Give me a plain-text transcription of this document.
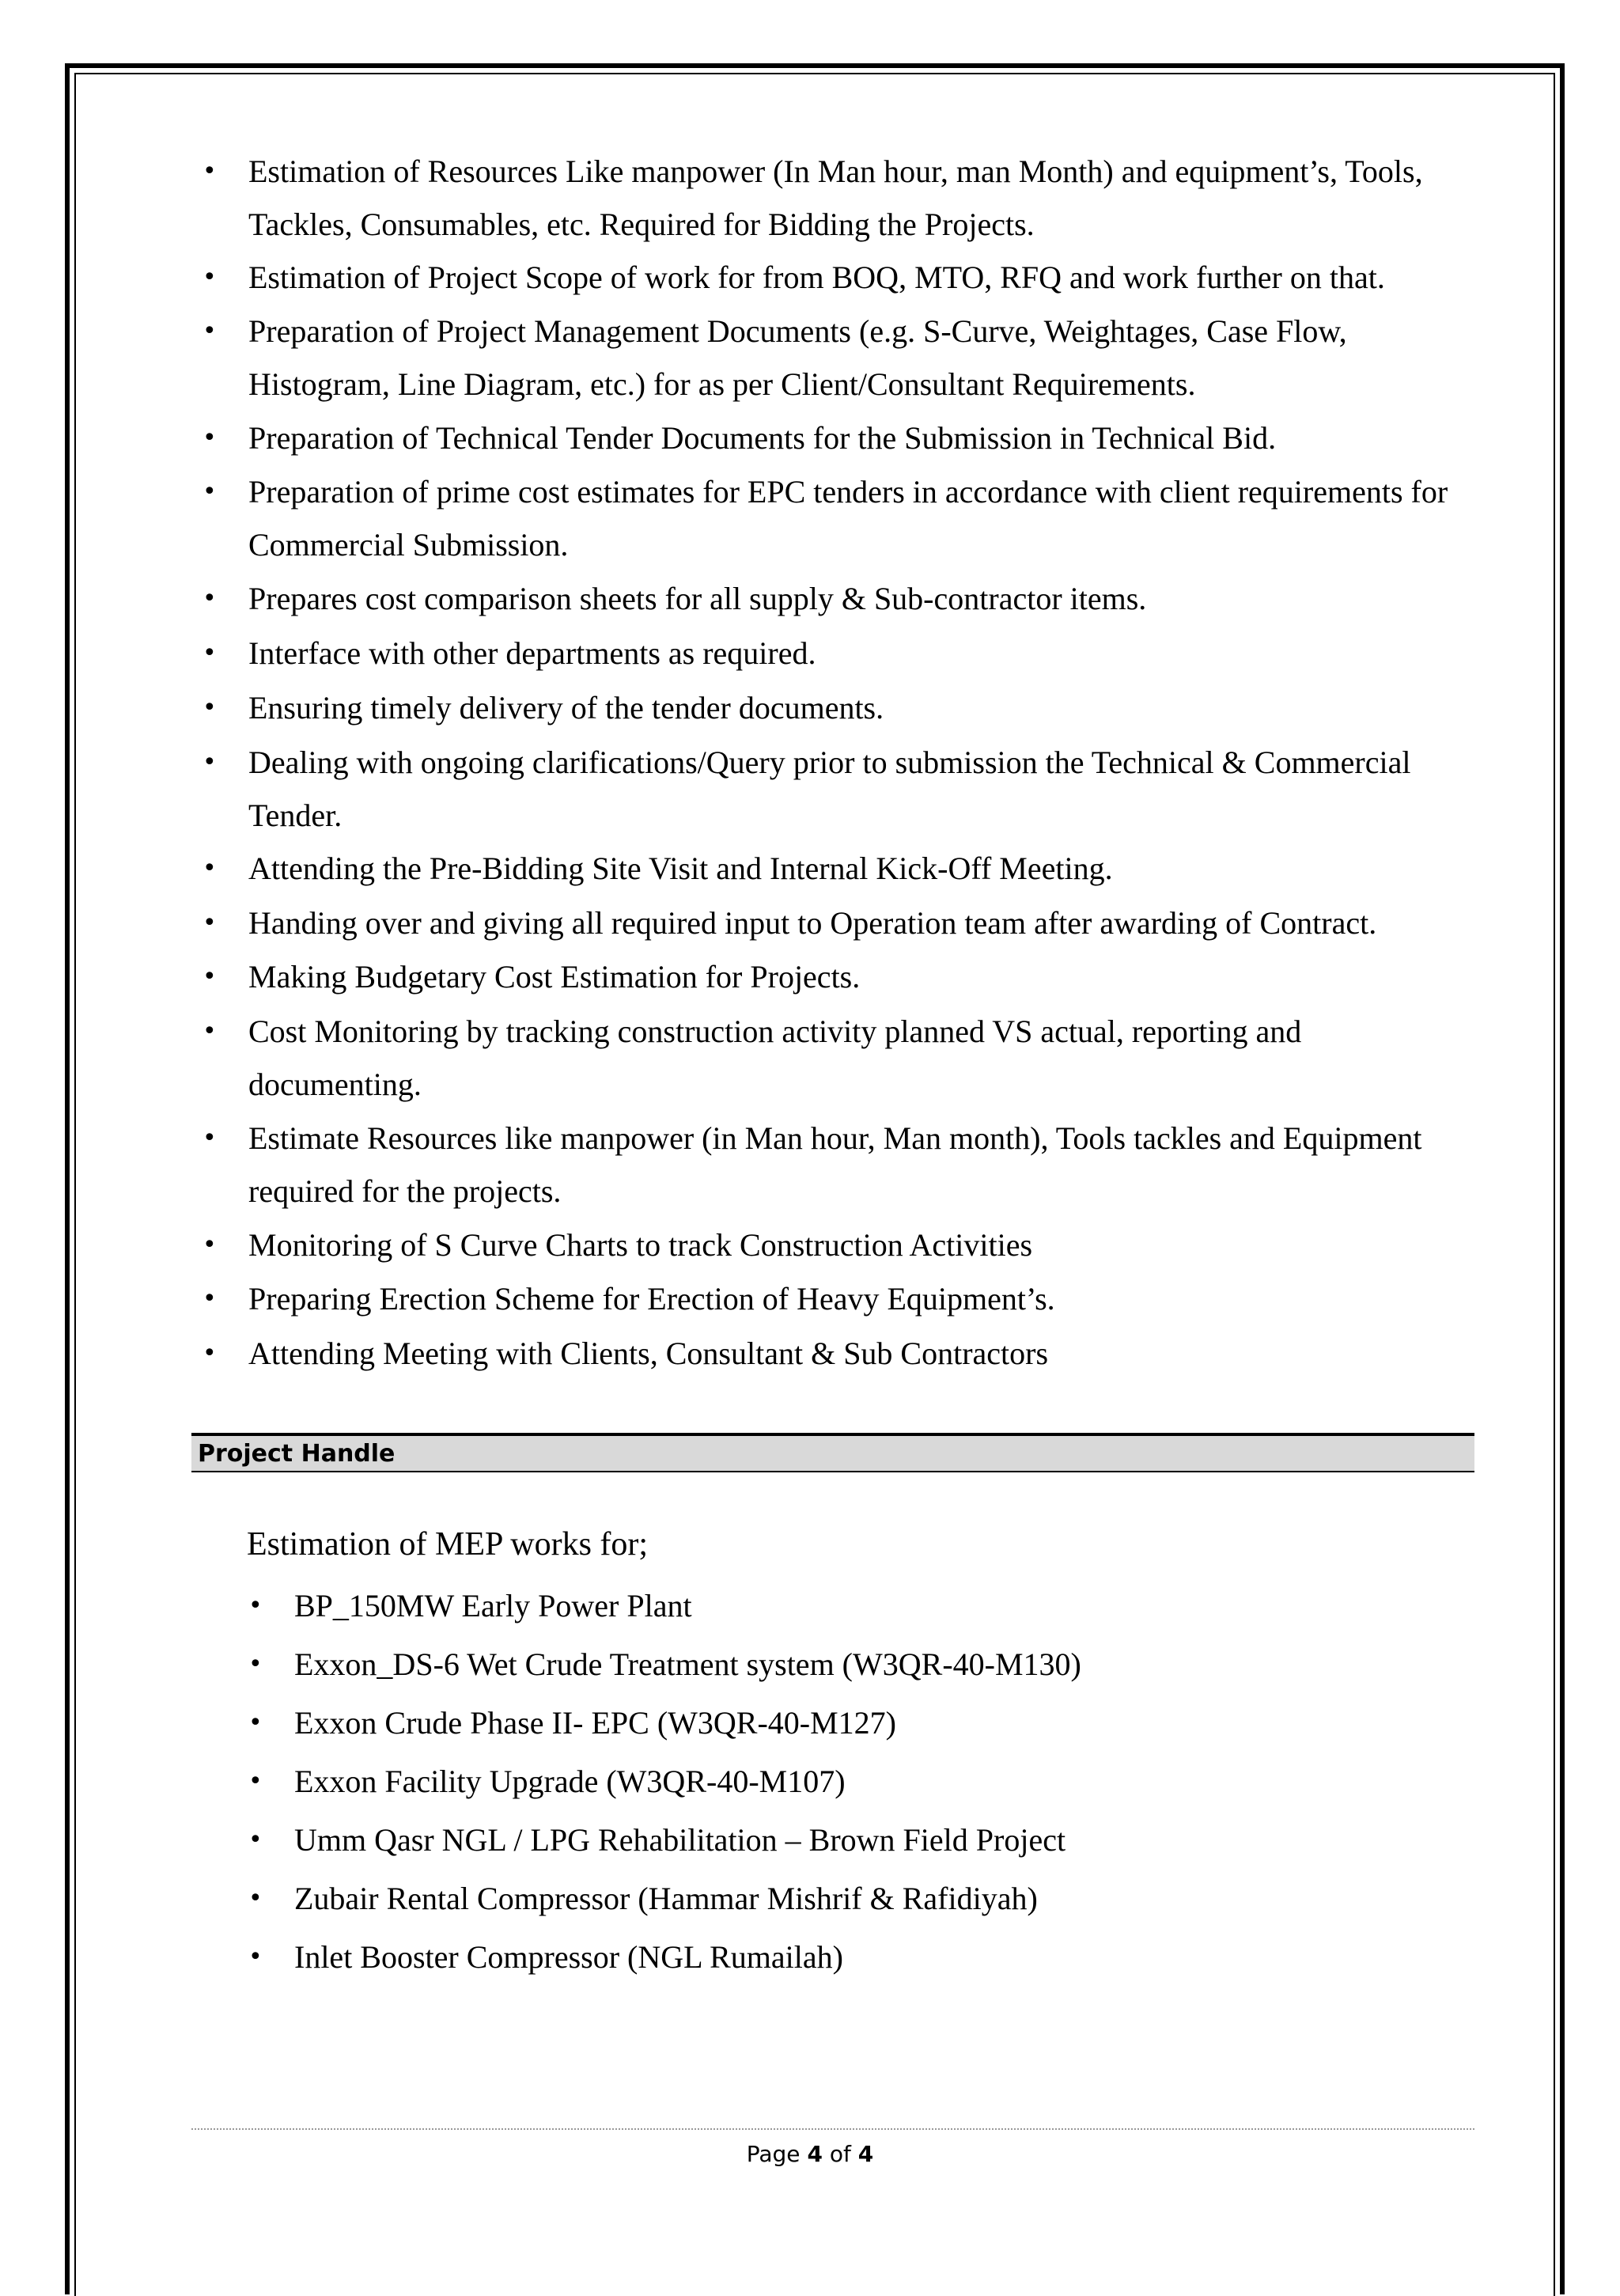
• Estimation of Resources Like manpower (In Man hour, man Month) and equipment’s, Tools, Tackles, Consumables, etc. Required for Bidding the Projects.
• Estimation of Project Scope of work for from BOQ, MTO, RFQ and work further on that.
• Preparation of Project Management Documents (e.g. S-Curve, Weightages, Case Flow, Histogram, Line Diagram, etc.) for as per Client/Consultant Requirements.
• Preparation of Technical Tender Documents for the Submission in Technical Bid.
• Preparation of prime cost estimates for EPC tenders in accordance with client requirements for Commercial Submission.
• Prepares cost comparison sheets for all supply & Sub-contractor items.
• Interface with other departments as required.
• Ensuring timely delivery of the tender documents.
• Dealing with ongoing clarifications/Query prior to submission the Technical & Commercial Tender.
• Attending the Pre-Bidding Site Visit and Internal Kick-Off Meeting.
• Handing over and giving all required input to Operation team after awarding of Contract.
• Making Budgetary Cost Estimation for Projects.
• Cost Monitoring by tracking construction activity planned VS actual, reporting and documenting.
• Estimate Resources like manpower (in Man hour, Man month), Tools tackles and Equipment required for the projects.
• Monitoring of S Curve Charts to track Construction Activities
• Preparing Erection Scheme for Erection of Heavy Equipment’s.
• Attending Meeting with Clients, Consultant & Sub Contractors
Project Handle
Estimation of MEP works for;
• BP_150MW Early Power Plant
• Exxon_DS-6 Wet Crude Treatment system (W3QR-40-M130)
• Exxon Crude Phase II- EPC (W3QR-40-M127)
• Exxon Facility Upgrade (W3QR-40-M107)
• Umm Qasr NGL / LPG Rehabilitation – Brown Field Project
• Zubair Rental Compressor (Hammar Mishrif & Rafidiyah)
• Inlet Booster Compressor (NGL Rumailah)
Page 4 of 4
